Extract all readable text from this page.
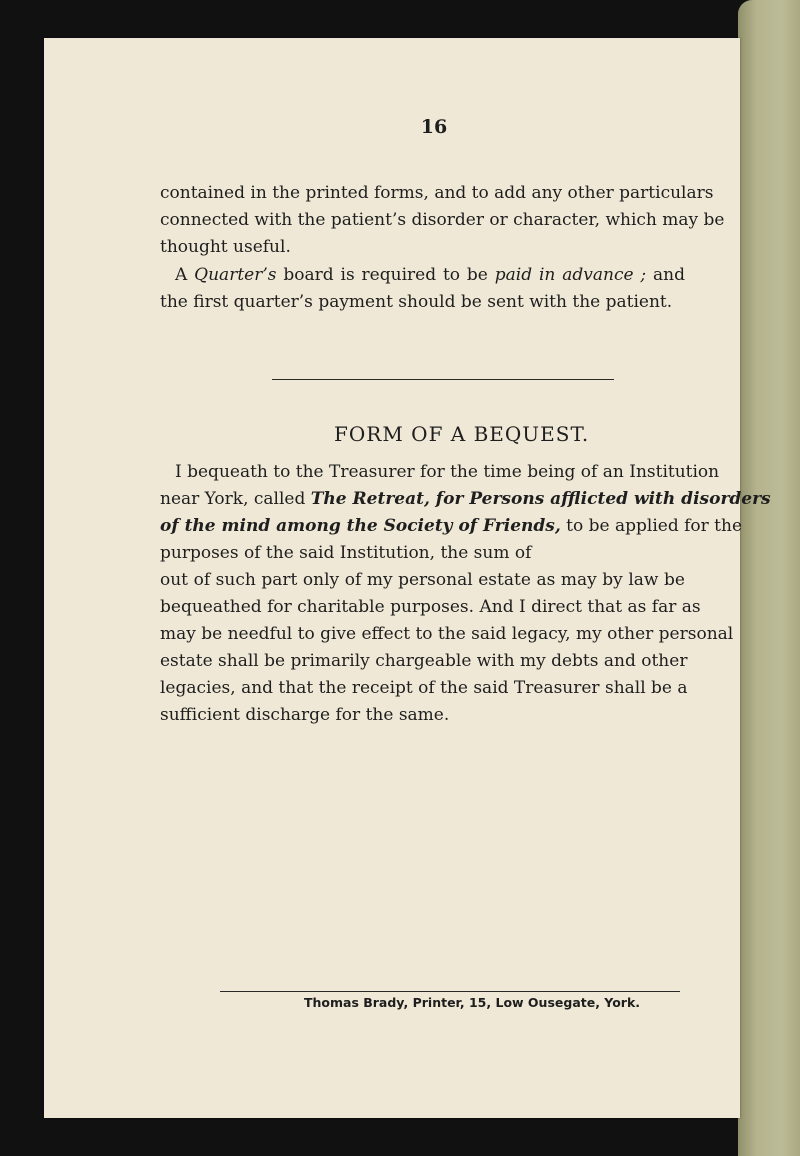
16
contained in the printed forms, and to add any other particulars
connected with the patient’s disorder or character, which may be
thought useful.
A Quarter’s board is required to be paid in advance ; and
the first quarter’s payment should be sent with the patient.
FORM OF A BEQUEST.
I bequeath to the Treasurer for the time being of an Institution
near York, called The Retreat, for Persons afflicted with disorders
of the mind among the Society of Friends, to be applied for the
purposes of the said Institution, the sum of
out of such part only of my personal estate as may by law be
bequeathed for charitable purposes. And I direct that as far as
may be needful to give effect to the said legacy, my other personal
estate shall be primarily chargeable with my debts and other
legacies, and that the receipt of the said Treasurer shall be a
sufficient discharge for the same.
Thomas Brady, Printer, 15, Low Ousegate, York.
